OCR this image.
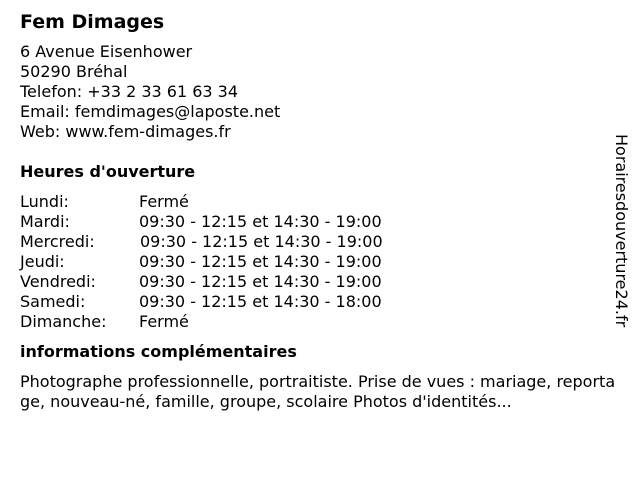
Fem Dimages
6 Avenue Eisenhower
50290 Bréhal
Telefon: +33 2 33 61 63 34
Email: femdimages@laposte.net
Web: www.fem-dimages.fr
Heures d'ouverture
Lundi:	Fermé
Mardi:	09:30 - 12:15 et 14:30 - 19:00
Mercredi:	09:30 - 12:15 et 14:30 - 19:00
Jeudi:	09:30 - 12:15 et 14:30 - 19:00
Vendredi:	09:30 - 12:15 et 14:30 - 19:00
Samedi:	09:30 - 12:15 et 14:30 - 18:00
Dimanche: Fermé
informations complémentaires
Photographe professionnelle, portraitiste. Prise de vues : mariage, reportage, nouveau-né, famille, groupe, scolaire Photos d'identités...
Horairesdouverture24.fr
